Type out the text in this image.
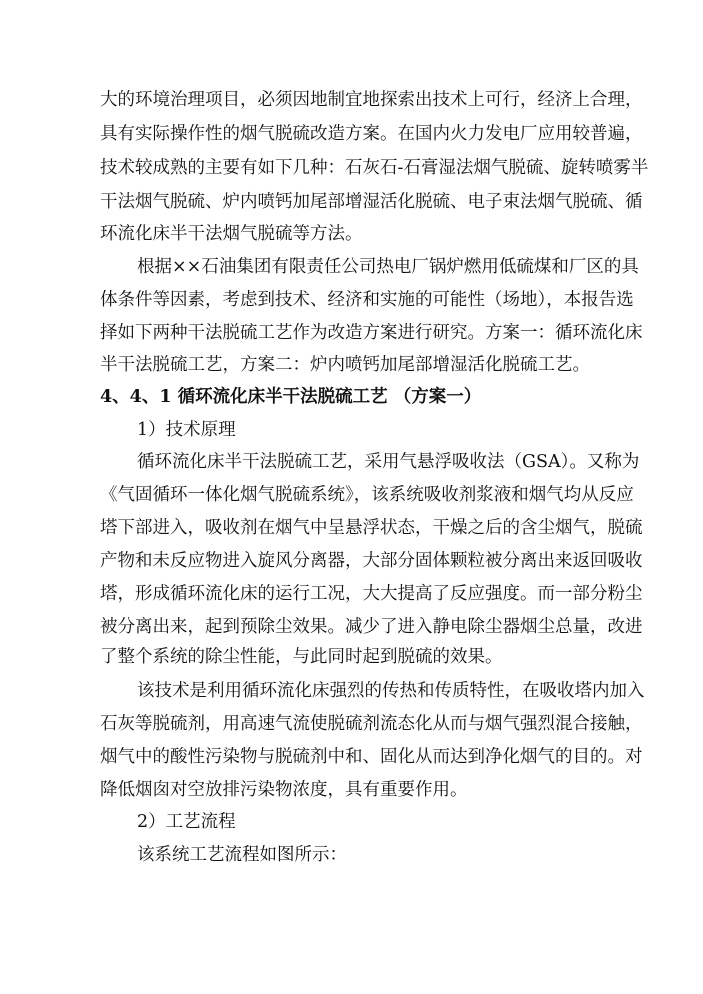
大的环境治理项目，必须因地制宜地探索出技术上可行，经济上合理，
具有实际操作性的烟气脱硫改造方案。在国内火力发电厂应用较普遍，
技术较成熟的主要有如下几种：石灰石-石膏湿法烟气脱硫、旋转喷雾半
干法烟气脱硫、炉内喷钙加尾部增湿活化脱硫、电子束法烟气脱硫、循
环流化床半干法烟气脱硫等方法。
根据××石油集团有限责任公司热电厂锅炉燃用低硫煤和厂区的具
体条件等因素，考虑到技术、经济和实施的可能性（场地），本报告选
择如下两种干法脱硫工艺作为改造方案进行研究。方案一：循环流化床
半干法脱硫工艺，方案二：炉内喷钙加尾部增湿活化脱硫工艺。
4、4、1 循环流化床半干法脱硫工艺 （方案一）
1）技术原理
循环流化床半干法脱硫工艺，采用气悬浮吸收法（GSA）。又称为
《气固循环一体化烟气脱硫系统》，该系统吸收剂浆液和烟气均从反应
塔下部进入，吸收剂在烟气中呈悬浮状态，干燥之后的含尘烟气，脱硫
产物和未反应物进入旋风分离器，大部分固体颗粒被分离出来返回吸收
塔，形成循环流化床的运行工况，大大提高了反应强度。而一部分粉尘
被分离出来，起到预除尘效果。减少了进入静电除尘器烟尘总量，改进
了整个系统的除尘性能，与此同时起到脱硫的效果。
该技术是利用循环流化床强烈的传热和传质特性，在吸收塔内加入
石灰等脱硫剂，用高速气流使脱硫剂流态化从而与烟气强烈混合接触，
烟气中的酸性污染物与脱硫剂中和、固化从而达到净化烟气的目的。对
降低烟囱对空放排污染物浓度，具有重要作用。
2）工艺流程
该系统工艺流程如图所示：
